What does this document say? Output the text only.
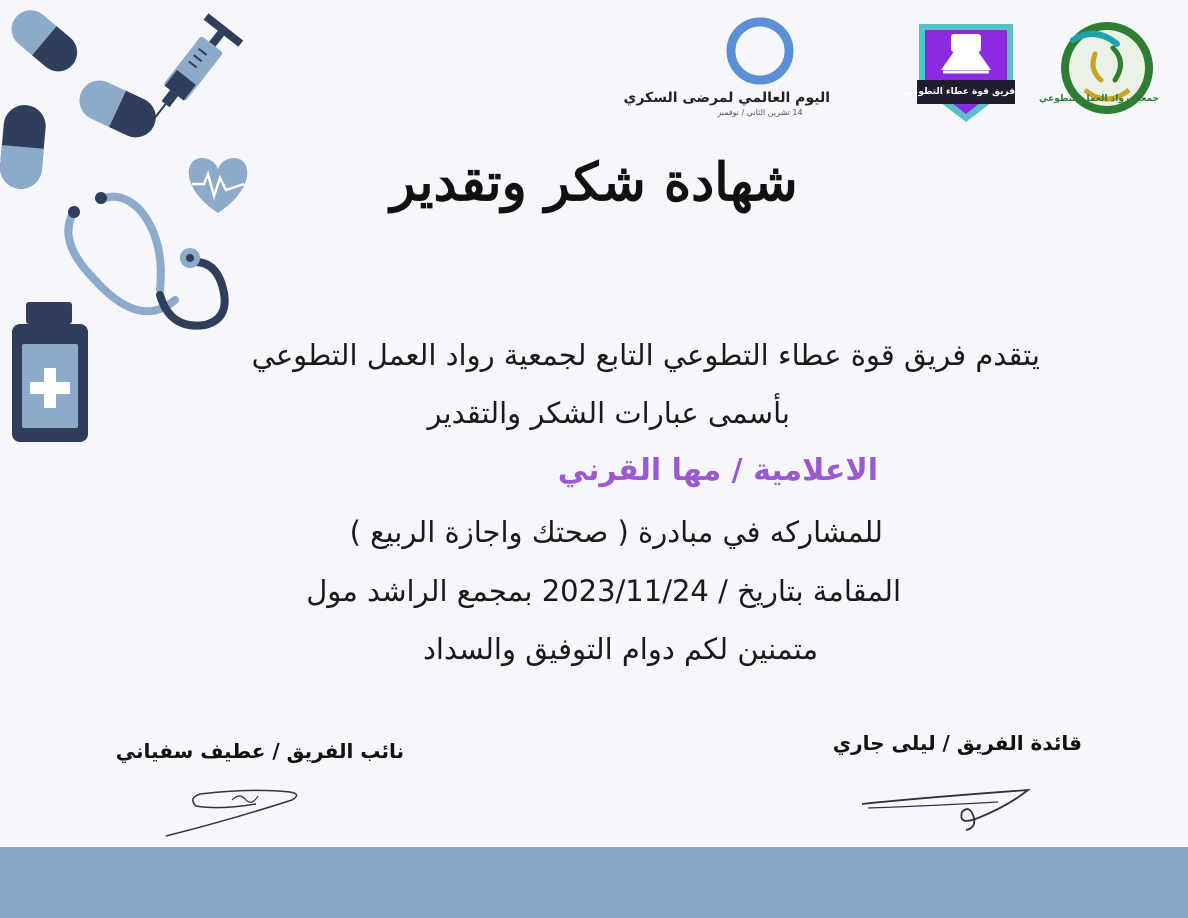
اليوم العالمي لمرضى السكري
14 تشرين الثاني / نوفمبر
فريق قوة عطاء التطوعي
جمعية رواد العمل التطوعي
شهادة شكر وتقدير
يتقدم فريق قوة عطاء التطوعي التابع لجمعية رواد العمل التطوعي
بأسمى عبارات الشكر والتقدير
الاعلامية / مها القرني
للمشاركه في مبادرة ( صحتك واجازة الربيع )
المقامة بتاريخ / 2023/11/24 بمجمع الراشد مول
متمنين لكم دوام التوفيق والسداد
نائب الفريق / عطيف سفياني	قائدة الفريق / ليلى جاري
